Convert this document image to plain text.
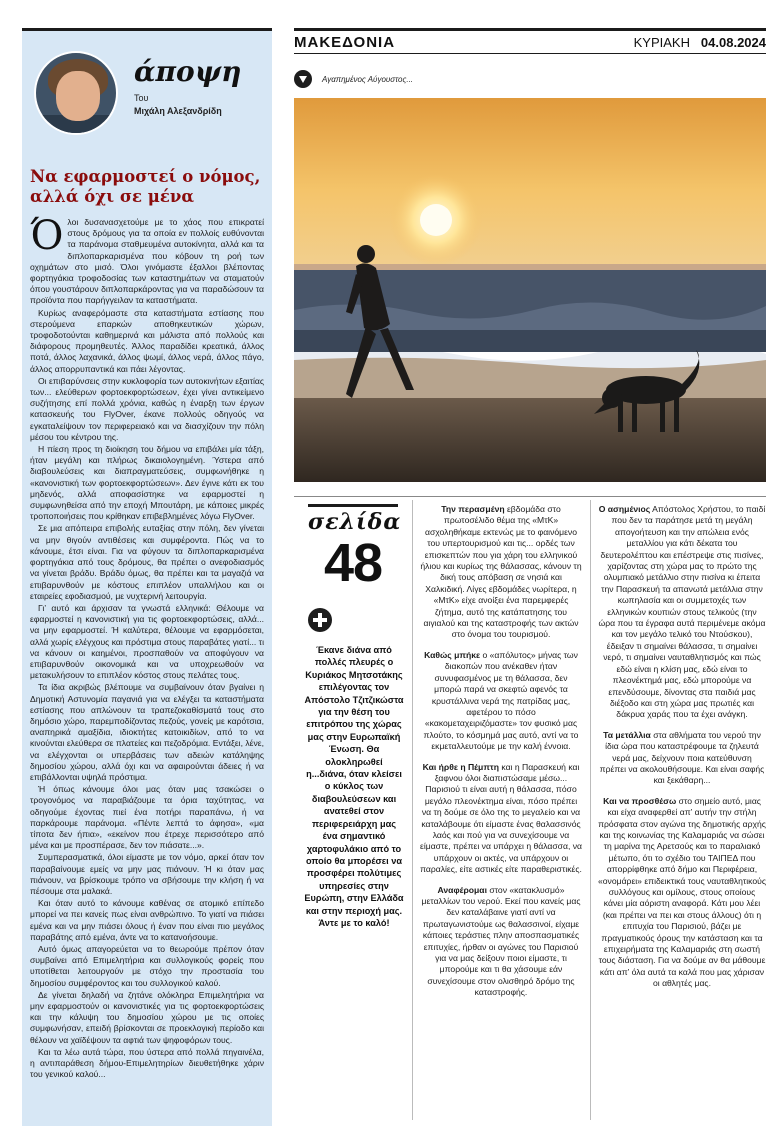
άποψη
Του
Μιχάλη Αλεξανδρίδη
Να εφαρμοστεί ο νόμος, αλλά όχι σε μένα

Όλοι δυσανασχετούμε με το χάος που επικρατεί στους δρόμους για τα οποία εν πολλοίς ευθύνονται τα παράνομα σταθμευμένα αυτοκίνητα, αλλά και τα διπλοπαρκαρισμένα που κόβουν τη ροή των οχημάτων στο μισό. Όλοι γινόμαστε έξαλλοι βλέποντας φορτηγάκια τροφοδοσίας των καταστημάτων να σταματούν όπου γουστάρουν διπλοπαρκάροντας για να παραδώσουν τα προϊόντα που παρήγγειλαν τα καταστήματα.

Κυρίως αναφερόμαστε στα καταστήματα εστίασης που στερούμενα επαρκών αποθηκευτικών χώρων, τροφοδοτούνται καθημερινά και μάλιστα από πολλούς και διάφορους προμηθευτές. Άλλος παραδίδει κρεατικά, άλλος ποτά, άλλος λαχανικά, άλλος ψωμί, άλλος νερά, άλλος πάγο, άλλος απορρυπαντικά και πάει λέγοντας.

Οι επιβαρύνσεις στην κυκλοφορία των αυτοκινήτων εξαιτίας των... ελεύθερων φορτοεκφορτώσεων, έχει γίνει αντικείμενο συζήτησης επί πολλά χρόνια, καθώς η έναρξη των έργων κατασκευής του FlyOver, έκανε πολλούς οδηγούς να εγκαταλείψουν τον περιφερειακό και να διασχίζουν την πόλη μέσου του κέντρου της.

Η πίεση προς τη διοίκηση του δήμου να επιβάλει μία τάξη, ήταν μεγάλη και πλήρως δικαιολογημένη. Ύστερα από διαβουλεύσεις και διαπραγματεύσεις, συμφωνήθηκε η «κανονιστική των φορτοεκφορτώσεων». Δεν έγινε κάτι εκ του μηδενός, αλλά αποφασίστηκε να εφαρμοστεί η συμφωνηθείσα από την εποχή Μπουτάρη, με κάποιες μικρές τροποποιήσεις που κρίθηκαν επιβεβλημένες λόγω FlyOver.

Σε μια απόπειρα επιβολής ευταξίας στην πόλη, δεν γίνεται να μην θιγούν αντιθέσεις και συμφέροντα. Πώς να το κάνουμε, έτσι είναι. Για να φύγουν τα διπλοπαρκαρισμένα φορτηγάκια από τους δρόμους, θα πρέπει ο ανεφοδιασμός να γίνεται βράδυ. Βράδυ όμως, θα πρέπει και τα μαγαζιά να επιβαρυνθούν με κόστους επιπλέον υπαλλήλου και οι εταιρείες εφοδιασμού, με νυχτερινή λειτουργία.

Γι’ αυτό και άρχισαν τα γνωστά ελληνικά: Θέλουμε να εφαρμοστεί η κανονιστική για τις φορτοεκφορτώσεις, αλλά... να μην εφαρμοστεί. Ή καλύτερα, θέλουμε να εφαρμόσεται, αλλά χωρίς ελέγχους και πρόστιμα στους παραβάτες γιατί... τι να κάνουν οι καημένοι, προσπαθούν να αποφύγουν να επιβαρυνθούν οικονομικά και να υποχρεωθούν να μετακυλήσουν το επιπλέον κόστος στους πελάτες τους.

Τα ίδια ακριβώς βλέπουμε να συμβαίνουν όταν βγαίνει η Δημοτική Αστυνομία παγανιά για να ελέγξει τα καταστήματα εστίασης που απλώνουν τα τραπεζοκαθίσματά τους στο δημόσιο χώρο, παρεμποδίζοντας πεζούς, γονείς με καρότσια, αναπηρικά αμαξίδια, ιδιοκτήτες κατοικιδίων, από το να κινούνται ελεύθερα σε πλατείες και πεζοδρόμια. Εντάξει, λένε, να ελέγχονται οι υπερβάσεις των αδειών κατάληψης δημοσίου χώρου, αλλά όχι και να αφαιρούνται άδειες ή να επιβάλλονται υψηλά πρόστιμα.

Ή όπως κάνουμε όλοι μας όταν μας τσακώσει ο τρογονόμος να παραβιάζουμε τα όρια ταχύτητας, να οδηγούμε έχοντας πιεί ένα ποτήρι παραπάνω, ή να παρκάρουμε παράνομα. «Πέντε λεπτά το άφησα», «μα τίποτα δεν ήπια», «εκείνον που έτρεχε περισσότερο από μένα και με προσπέρασε, δεν τον πιάσατε...».

Συμπερασματικά, όλοι είμαστε με τον νόμο, αρκεί όταν τον παραβαίνουμε εμείς να μην μας πιάνουν. Ή κι όταν μας πιάνουν, να βρίσκουμε τρόπο να σβήσουμε την κλήση ή να πέσουμε στα μαλακά.

Και όταν αυτό το κάνουμε καθένας σε ατομικό επίπεδο μπορεί να πει κανείς πως είναι ανθρώπινο. Το γιατί να πιάσει εμένα και να μην πιάσει όλους ή έναν που είναι πιο μεγάλος παραβάτης από εμένα, άντε να το κατανοήσουμε.

Αυτό όμως απαγορεύεται να το θεωρούμε πρέπον όταν συμβαίνει από Επιμελητήρια και συλλογικούς φορείς που υποτίθεται λειτουργούν με στόχο την προστασία του δημοσίου συμφέροντος και του συλλογικού καλού.

Δε γίνεται δηλαδή να ζητάνε ολόκληρα Επιμελητήρια να μην εφαρμοστούν οι κανονιστικές για τις φορτοεκφορτώσεις και την κάλυψη του δημοσίου χώρου με τις οποίες συμφωνήσαν, επειδή βρίσκονται σε προεκλογική περίοδο και θέλουν να χαϊδέψουν τα αφτιά των ψηφοφόρων τους.

Και τα λέω αυτά τώρα, που ύστερα από πολλά πηγαινέλα, η αντιπαράθεση δήμου-Επιμελητηρίων διευθετήθηκε χάριν του γενικού καλού...

ΜΑΚΕΔΟΝΙΑ	ΚΥΡΙΑΚΗ 04.08.2024
Αγαπημένος Αύγουστος...
σελίδα
48
Έκανε διάνα από πολλές πλευρές ο Κυριάκος Μητσοτάκης επιλέγοντας τον Απόστολο Τζιτζικώστα για την θέση του επιτρόπου της χώρας μας στην Ευρωπαϊκή Ένωση. Θα ολοκληρωθεί η...διάνα, όταν κλείσει ο κύκλος των διαβουλεύσεων και ανατεθεί στον περιφερειάρχη μας ένα σημαντικό χαρτοφυλάκιο από το οποίο θα μπορέσει να προσφέρει πολύτιμες υπηρεσίες στην Ευρώπη, στην Ελλάδα και στην περιοχή μας. Άντε με το καλό!

Την περασμένη εβδομάδα στο πρωτοσέλιδο θέμα της «ΜτΚ» ασχοληθήκαμε εκτενώς με το φαινόμενο του υπερτουρισμού και τις... ορδές των επισκεπτών που για χάρη του ελληνικού ήλιου και κυρίως της θάλασσας, κάνουν τη δική τους απόβαση σε νησιά και Χαλκιδική. Λίγες εβδομάδες νωρίτερα, η «ΜτΚ» είχε ανοίξει ένα παρεμφερές ζήτημα, αυτό της κατάπατησης του αιγιαλού και της καταστροφής των ακτών στο όνομα του τουρισμού.

Καθώς μπήκε ο «απόλυτος» μήνας των διακοπών που ανέκαθεν ήταν συνυφασμένος με τη θάλασσα, δεν μπορώ παρά να σκεφτώ αφενός τα κρυστάλλινα νερά της πατρίδας μας, αφετέρου το πόσο «κακομεταχειριζόμαστε» τον φυσικό μας πλούτο, το κόσμημά μας αυτό, αντί να το εκμεταλλευτούμε με την καλή έννοια.

Και ήρθε η Πέμπτη και η Παρασκευή και ξαφνου όλοι διαπιστώσαμε μέσω... Παρισιού τι είναι αυτή η θάλασσα, πόσο μεγάλο πλεονέκτημα είναι, πόσο πρέπει να τη δούμε σε όλο της το μεγαλείο και να καταλάβουμε ότι είμαστε ένας θαλασσινός λαός και πού για να συνεχίσουμε να είμαστε, πρέπει να υπάρχει η θάλασσα, να υπάρχουν οι ακτές, να υπάρχουν οι παραλίες, είτε αστικές είτε παραθεριστικές.

Αναφέρομαι στον «κατακλυσμό» μεταλλίων του νερού. Εκεί που κανείς μας δεν καταλάβαινε γιατί αντί να πρωταγωνιστούμε ως θαλασσινοί, είχαμε κάποιες τεράστιες πλην αποσπασματικές επιτυχίες, ήρθαν οι αγώνες του Παρισιού για να μας δείξουν ποιοι είμαστε, τι μπορούμε και τι θα χάσουμε εάν συνεχίσουμε στον ολισθηρό δρόμο της καταστροφής.

Ο ασημένιος Απόστολος Χρήστου, το παιδί που δεν τα παράτησε μετά τη μεγάλη απογοήτευση και την απώλεια ενός μεταλλίου για κάτι δέκατα του δευτερολέπτου και επέστρεψε στις πισίνες, χαρίζοντας στη χώρα μας το πρώτο της ολυμπιακό μετάλλιο στην πισίνα κι έπειτα την Παρασκευή τα απανωτά μετάλλια στην κωπηλασία και οι συμμετοχές των ελληνικών κουπιών στους τελικούς (την ώρα που τα έγραφα αυτά περιμένεμε ακόμα και τον μεγάλο τελικό του Ντούσκου), έδειξαν τι σημαίνει θάλασσα, τι σημαίνει νερό, τι σημαίνει ναυταθλητισμός και πώς εδώ είναι η κλίση μας, εδώ είναι το πλεονέκτημά μας, εδώ μπορούμε να επενδύσουμε, δίνοντας στα παιδιά μας διέξοδο και στη χώρα μας πρωτιές και δάκρυα χαράς που τα έχει ανάγκη.

Τα μετάλλια στα αθλήματα του νερού την ίδια ώρα που καταστρέφουμε τα ζηλευτά νερά μας, δείχνουν ποια κατεύθυνση πρέπει να ακολουθήσουμε. Και είναι σαφής και ξεκάθαρη...

Και να προσθέσω στο σημείο αυτό, μιας και είχα αναφερθεί απ’ αυτήν την στήλη πρόσφατα στον αγώνα της δημοτικής αρχής και της κοινωνίας της Καλαμαριάς να σώσει τη μαρίνα της Αρετσούς και το παραλιακό μέτωπο, ότι το σχέδιο του ΤΑΙΠΕΔ που απορρίφθηκε από δήμο και Περιφέρεια, «ονομάρει» επιδεικτικά τους ναυταθλητικούς συλλόγους και ομίλους, στους οποίους κάνει μία αόριστη αναφορά. Κάτι μου λέει (και πρέπει να πει και στους άλλους) ότι η επιτυχία του Παρισιού, βάζει με πραγματικούς όρους την κατάσταση και τα επιχειρήματα της Καλαμαριάς στη σωστή τους διάσταση. Για να δούμε αν θα μάθουμε κάτι απ’ όλα αυτά τα καλά που μας χάρισαν οι αθλητές μας.
